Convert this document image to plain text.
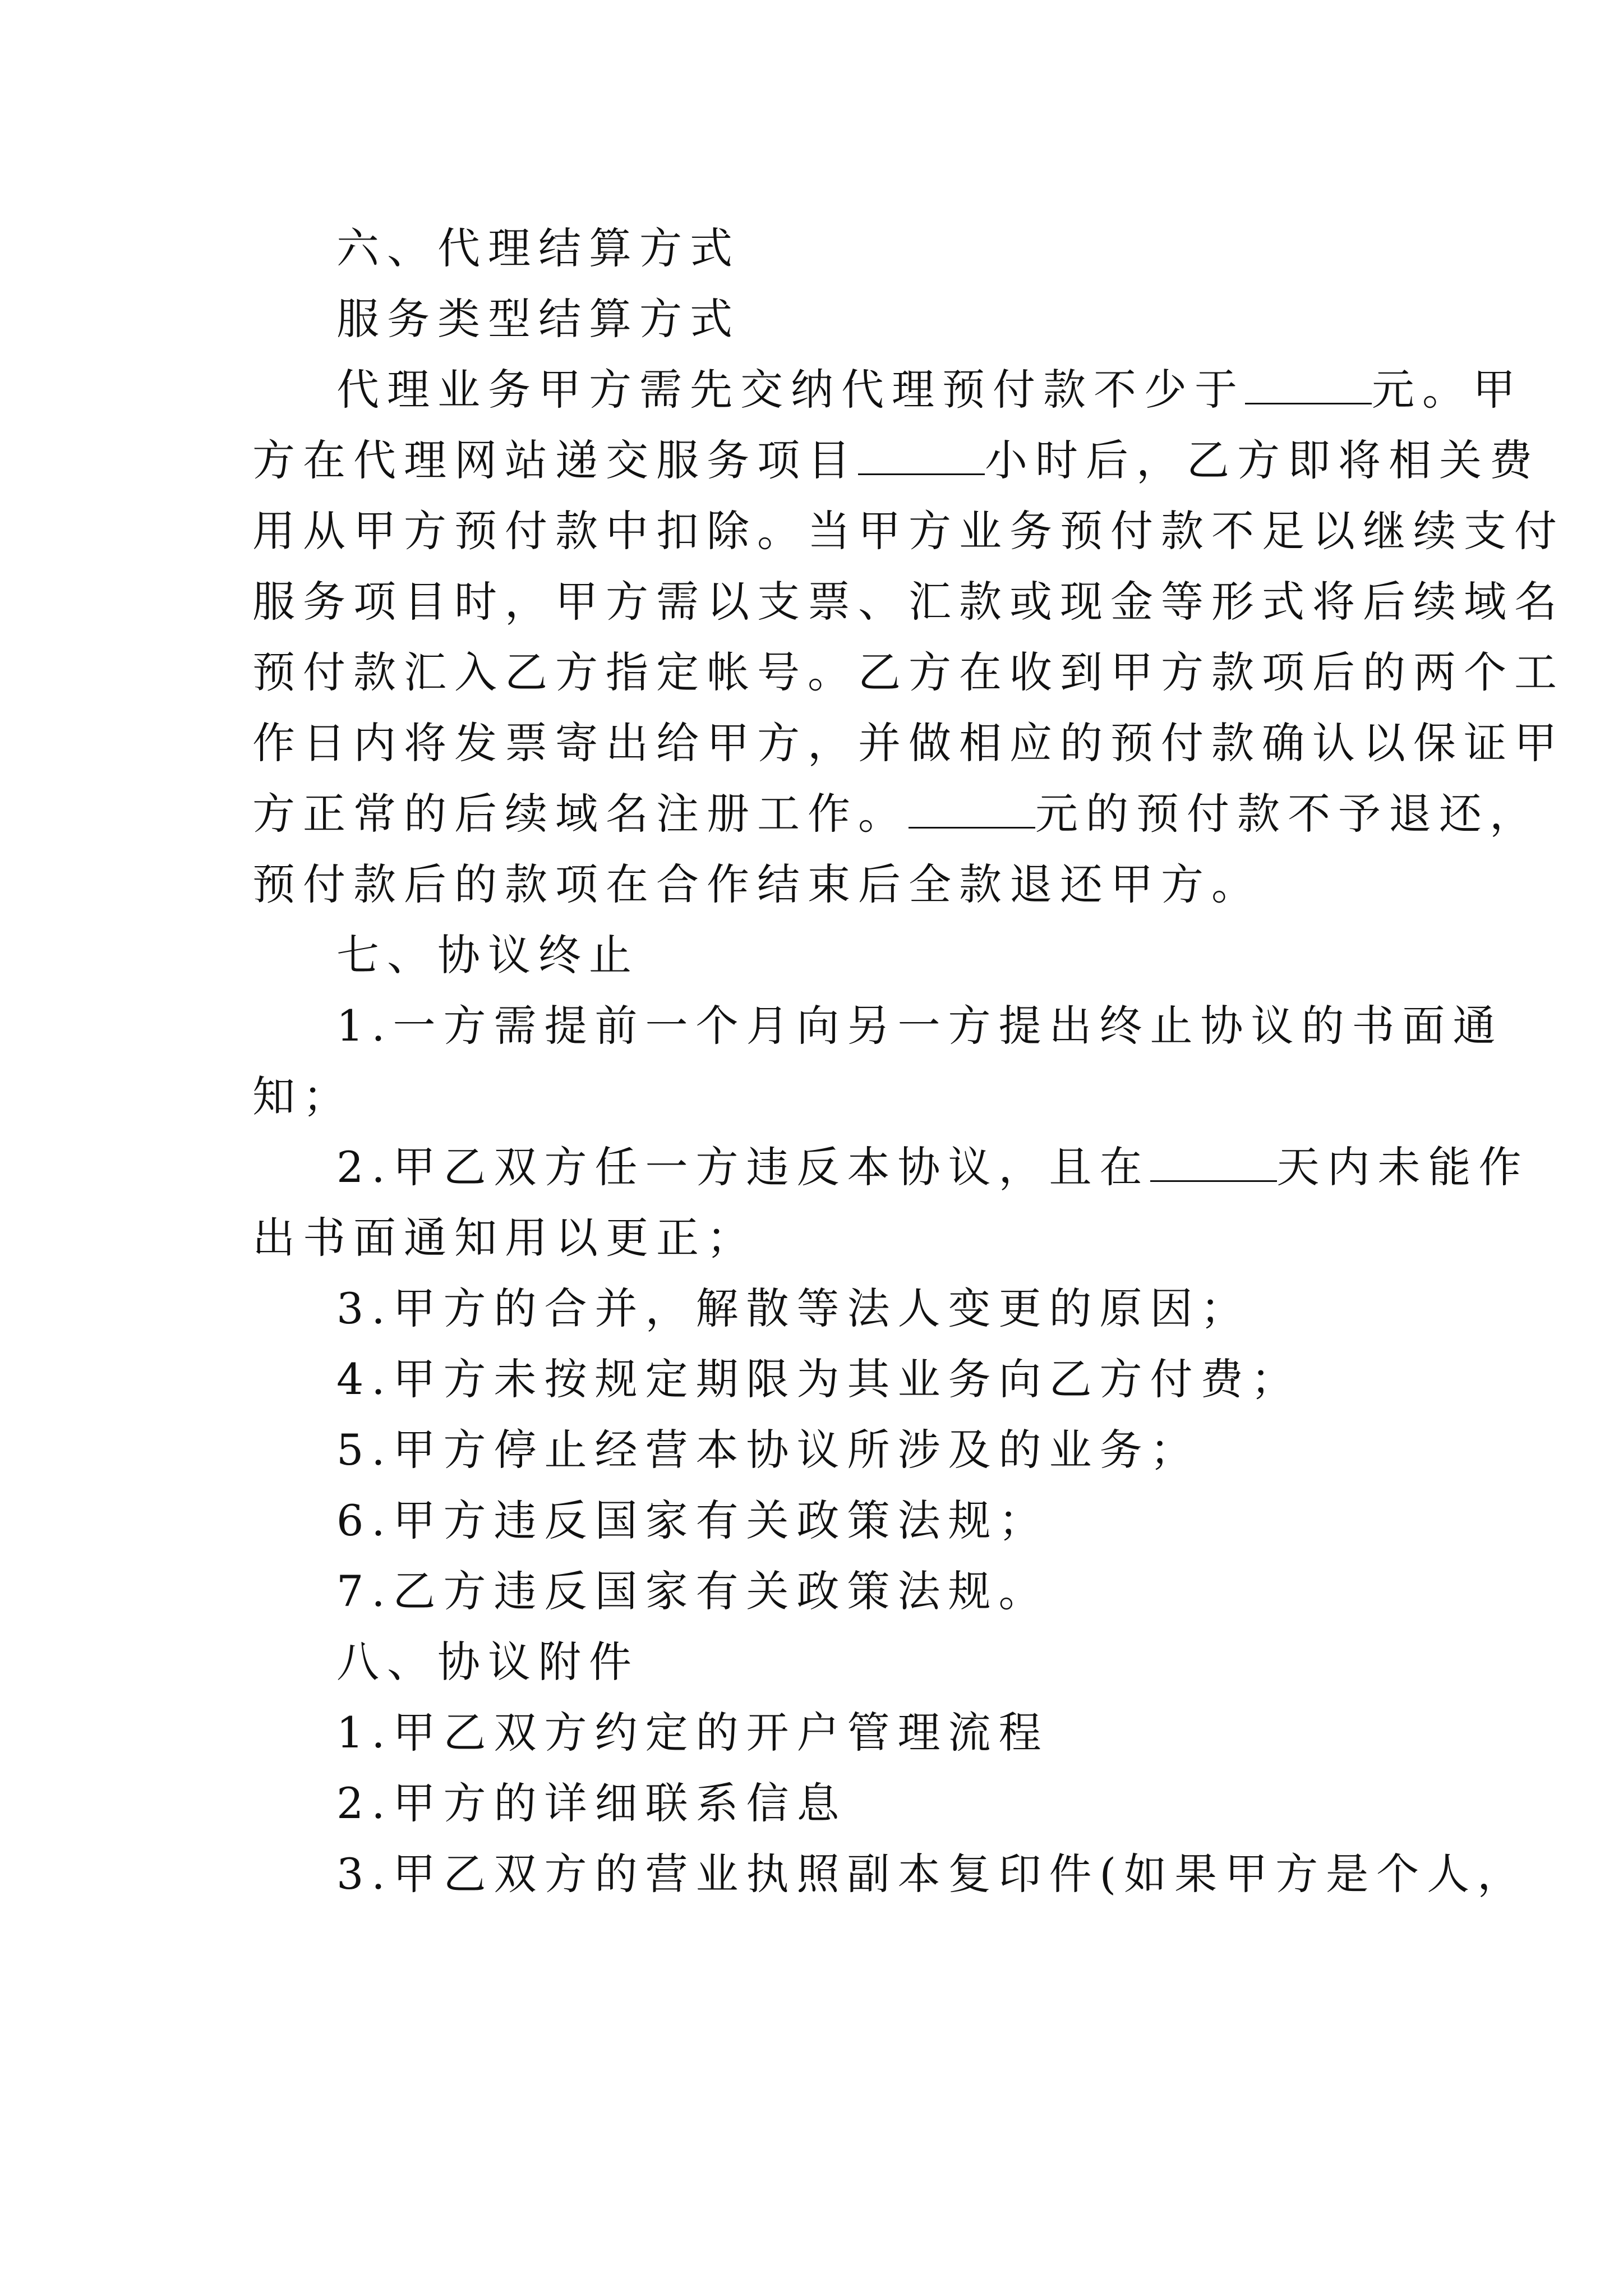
六、代理结算方式
服务类型结算方式
代理业务甲方需先交纳代理预付款不少于	元。甲
方在代理网站递交服务项目	小时后，乙方即将相关费
用从甲方预付款中扣除。当甲方业务预付款不足以继续支付
服务项目时，甲方需以支票、汇款或现金等形式将后续域名
预付款汇入乙方指定帐号。乙方在收到甲方款项后的两个工
作日内将发票寄出给甲方，并做相应的预付款确认以保证甲
方正常的后续域名注册工作。	元的预付款不予退还，
预付款后的款项在合作结束后全款退还甲方。
七、协议终止
1.一方需提前一个月向另一方提出终止协议的书面通
知；
2.甲乙双方任一方违反本协议，且在	天内未能作
出书面通知用以更正；
3.甲方的合并，解散等法人变更的原因；
4.甲方未按规定期限为其业务向乙方付费；
5.甲方停止经营本协议所涉及的业务；
6.甲方违反国家有关政策法规；
7.乙方违反国家有关政策法规。
八、协议附件
1.甲乙双方约定的开户管理流程
2.甲方的详细联系信息
3.甲乙双方的营业执照副本复印件(如果甲方是个人，
